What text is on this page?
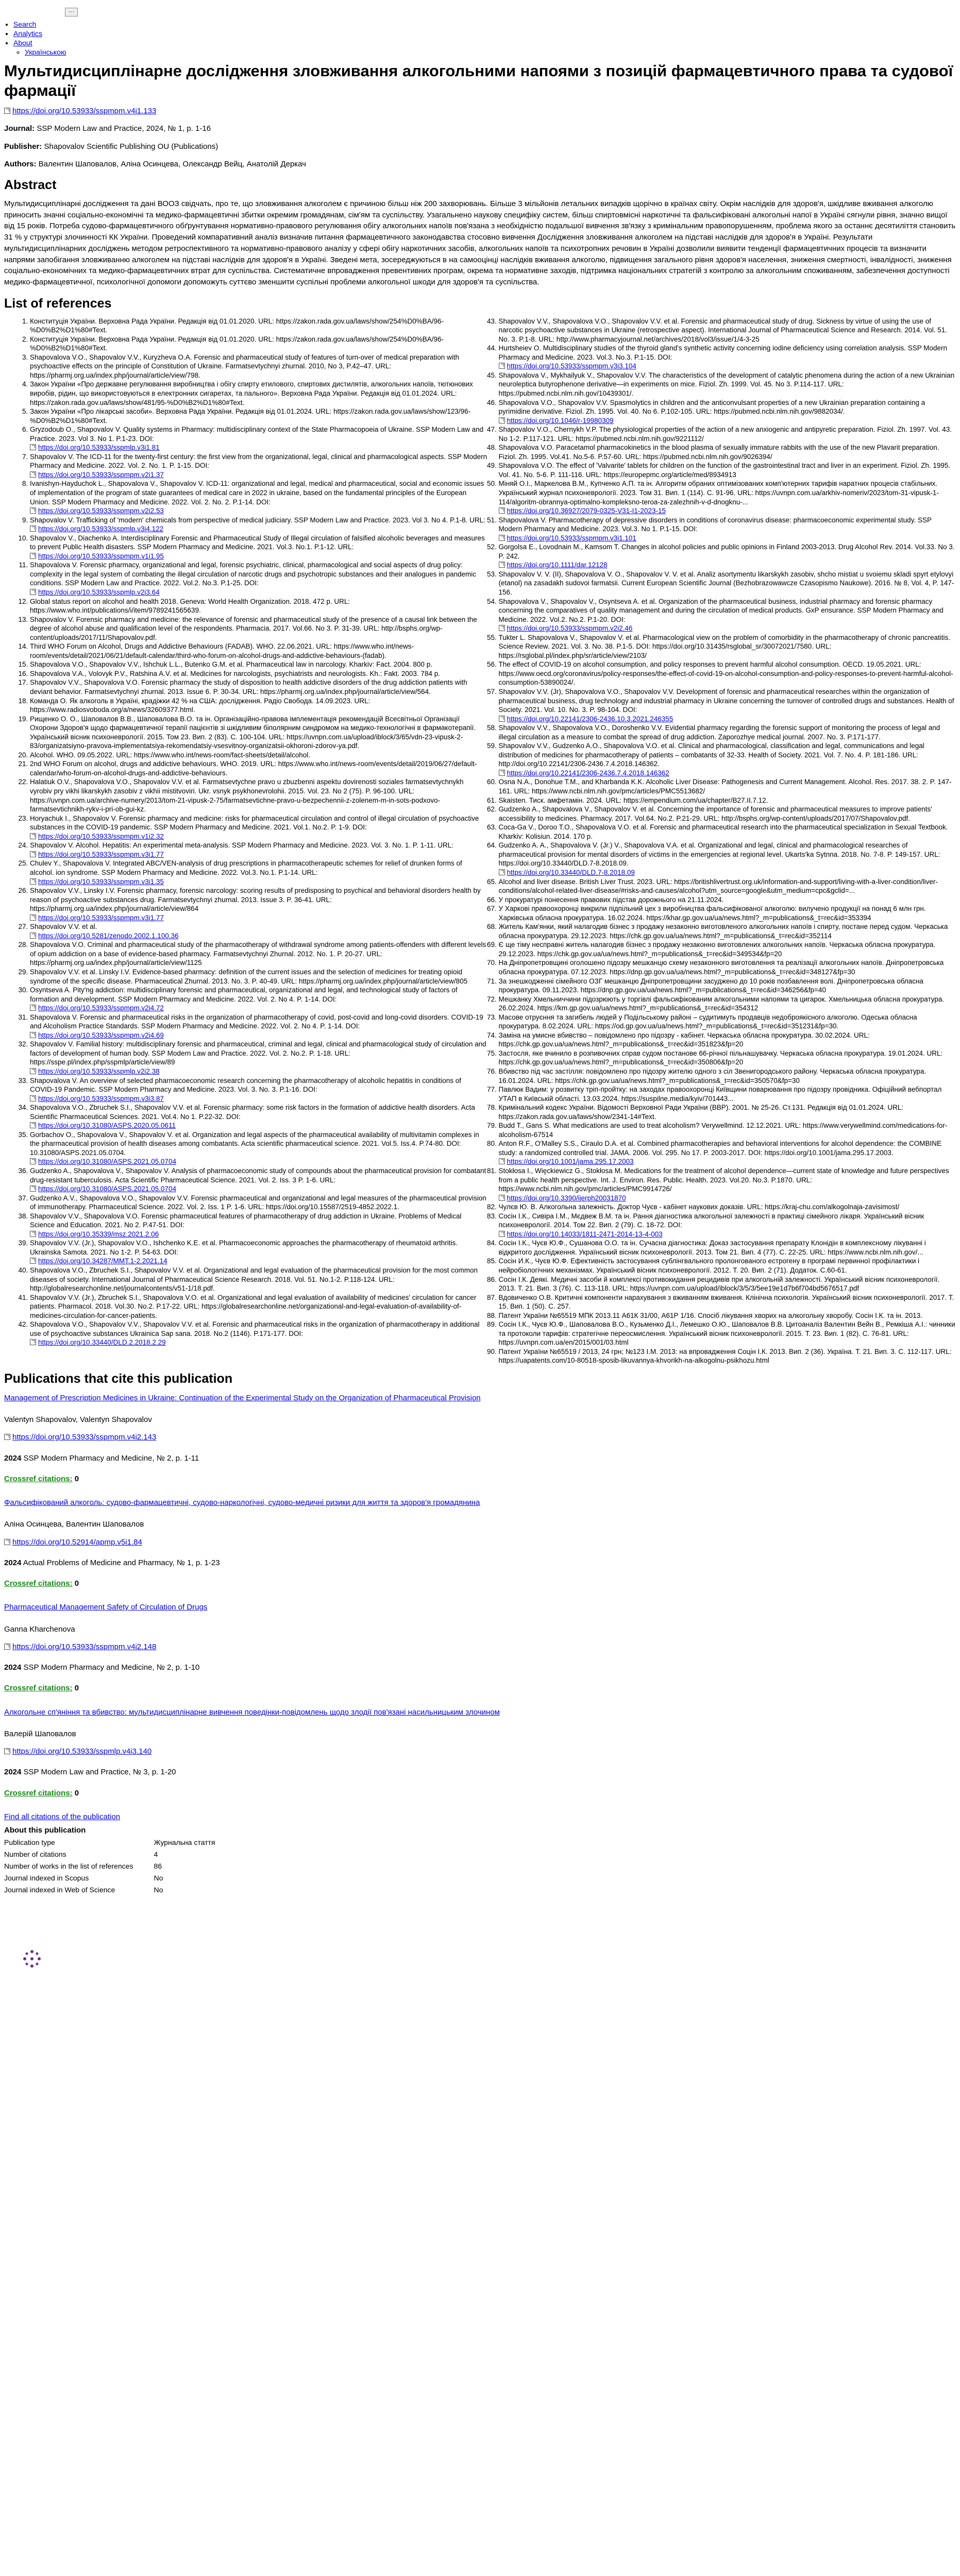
···
• Search
• Analytics
• About
◦ Українською
Мультидисциплінарне дослідження зловживання алкогольними напоями з позицій фармацевтичного права та судової фармації
https://doi.org/10.53933/sspmpm.v4i1.133
Journal: SSP Modern Law and Practice, 2024, № 1, p. 1-16
Publisher: Shapovalov Scientific Publishing OU (Publications)
Authors: Валентин Шаповалов, Аліна Осинцева, Олександр Вейц, Анатолій Деркач
Abstract

Мультидисциплінарні дослідження та дані ВООЗ свідчать, про те, що зловживання алкоголем є причиною більш ніж 200 захворювань. Більше 3 мільйонів летальних випадків щорічно в країнах світу. Окрім наслідків для здоров'я, шкідливе вживання алкоголю приносить значні соціально-економічні та медико-фармацевтичні збитки окремим громадянам, сім'ям та суспільству. Узагальнено наукову специфіку систем, більш спиртовмісні наркотичні та фальсифіковані алкогольні напої в Україні сягнули рівня, значно вищої від 15 років. Потреба судово-фармацевтичного обґрунтування нормативно-правового регулювання обігу алкогольних напоїв пов'язана з необхідністю подальшої вивчення зв'язку з кримінальним правопорушенням, проблема якого за останнє десятиліття становить 31 % у структурі злочинності КК України. Проведений компаративний аналіз визначив питання фармацевтичного законодавства стосовно вивчення Дослідження зловживання алкоголем на підставі наслідків для здоров'я в Україні. Результати мультидисциплінарних досліджень методом ретроспективного та нормативно-правового аналізу у сфері обігу наркотичних засобів, алкогольних напоїв та психотропних речовин в Україні дозволили виявити тенденції фармацевтичних процесів та визначити напрями запобігання зловживанню алкоголем на підставі наслідків для здоров'я в Україні. Зведені мета, зосереджуються в на самооцінці наслідків вживання алкоголю, підвищення загального рівня здоров'я населення, зниження смертності, інвалідності, зниження соціально-економічних та медико-фармацевтичних втрат для суспільства. Систематичне впровадження превентивних програм, окрема та нормативне заходів, підтримка національних стратегій з контролю за алкогольним споживанням, забезпечення доступності медико-фармацевтичної, психологічної допомоги допоможуть суттєво зменшити суспільні проблеми алкогольної шкоди для здоров'я та суспільства.

List of references
1. Конституція України. Верховна Рада України. Редакція від 01.01.2020. URL: https://zakon.rada.gov.ua/laws/show/254%D0%BA/96-%D0%B2%D1%80#Text.
2. Конституція України. Верховна Рада України. Редакція від 01.01.2020. URL: https://zakon.rada.gov.ua/laws/show/254%D0%BA/96-%D0%B2%D1%80#Text.
3. Shapovalova V.O., Shapovalov V.V., Kuryzheva O.A. Forensic and pharmaceutical study of features of turn-over of medical preparation with psychoactive effects on the principle of Constitution of Ukraine. Farmatsevtychnyi zhurnal. 2010, No 3, P.42–47. URL: https://pharmj.org.ua/index.php/journal/article/view/798.
4. Закон України «Про державне регулювання виробництва і обігу спирту етилового, спиртових дистилятів, алкогольних напоїв, тютюнових виробів, рідин, що використовуються в електронних сигаретах, та пального». Верховна Рада України. Редакція від 01.01.2024. URL: https://zakon.rada.gov.ua/laws/show/481/95-%D0%B2%D1%80#Text.
5. Закон України «Про лікарські засоби». Верховна Рада України. Редакція від 01.01.2024. URL: https://zakon.rada.gov.ua/laws/show/123/96-%D0%B2%D1%80#Text.
6. Gryzodoub O., Shapovalov V. Quality systems in Pharmacy: multidisciplinary context of the State Pharmacopoeia of Ukraine. SSP Modern Law and Practice. 2023. Vol 3. No 1. P.1-23. DOI:
https://doi.org/10.53933/sspmlp.v3i1.81
7. Shapovalov V. The ICD-11 for the twenty-first century: the first view from the organizational, legal, clinical and pharmacological aspects. SSP Modern Pharmacy and Medicine. 2022. Vol. 2. No. 1. P. 1-15. DOI:
https://doi.org/10.53933/sspmpm.v2i1.37
8. Ivanishyn-Hayduchok L., Shapovalova V., Shapovalov V. ICD-11: organizational and legal, medical and pharmaceutical, social and economic issues of implementation of the program of state guarantees of medical care in 2022 in ukraine, based on the fundamental principles of the European Union. SSP Modern Pharmacy and Medicine. 2022. Vol. 2. No. 2. P.1-14. DOI:
https://doi.org/10.53933/sspmpm.v2i2.53
9. Shapovalov V. Trafficking of 'modern' chemicals from perspective of medical judiciary. SSP Modern Law and Practice. 2023. Vol 3. No 4. P.1-8. URL:
https://doi.org/10.53933/sspmlp.v3i4.122
10. Shapovalov V., Diachenko A. Interdisciplinary Forensic and Pharmaceutical Study of Illegal circulation of falsified alcoholic beverages and measures to prevent Public Health disasters. SSP Modern Pharmacy and Medicine. 2021. Vol.3. No.1. P.1-12. URL:
https://doi.org/10.53933/sspmpm.v1i1.95
11. Shapovalova V. Forensic pharmacy, organizational and legal, forensic psychiatric, clinical, pharmacological and social aspects of drug policy: complexity in the legal system of combating the illegal circulation of narcotic drugs and psychotropic substances and their analogues in pandemic conditions. SSP Modern Law and Practice. 2022. Vol.2. No.3. P.1-25. DOI:
https://doi.org/10.53933/sspmlp.v2i3.64
12. Global status report on alcohol and health 2018. Geneva: World Health Organization. 2018. 472 p. URL: https://www.who.int/publications/i/item/9789241565639.
13. Shapovalov V. Forensic pharmacy and medicine: the relevance of forensic and pharmaceutical study of the presence of a causal link between the degree of alcohol abuse and qualification level of the respondents. Pharmacia. 2017. Vol.66. No 3. P. 31-39. URL: http://bsphs.org/wp-content/uploads/2017/11/Shapovalov.pdf.
14. Third WHO Forum on Alcohol, Drugs and Addictive Behaviours (FADAB). WHO. 22.06.2021. URL: https://www.who.int/news-room/events/detail/2021/06/21/default-calendar/third-who-forum-on-alcohol-drugs-and-addictive-behaviours-(fadab).
15. Shapovalova V.O., Shapovalov V.V., Ishchuk L.L., Butenko G.M. et al. Pharmaceutical law in narcology. Kharkiv: Fact. 2004. 800 p.
16. Shapovalova V.A., Volovyk P.V., Ratshina A.V. et al. Medicines for narcologists, psychiatrists and neurologists. Kh.: Fakt. 2003. 784 p.
17. Shapovalov V.V., Shapovalova V.O. Forensic pharmacy the study of disposition to health addictive disorders of the drug addiction patients with deviant behavior. Farmatsevtychnyi zhurnal. 2013. Issue 6. P. 30-34. URL: https://pharmj.org.ua/index.php/journal/article/view/564.
18. Команда О. Як алкоголь в Україні, крадіжки 42 % на США: дослідження. Радіо Свобода. 14.09.2023. URL: https://www.radiosvoboda.org/a/news/32609377.html.
19. Рищенко О. О., Шаповалов В.В., Шаповалова В.О. та ін. Організаційно-правова імплементація рекомендацій Всесвітньої Організації Охорони Здоров'я щодо фармацевтичної терапії пацієнтів зі шкідливим біполярним синдромом на медико-технологічні в фармакотерапії. Український вісник психоневрології. 2015. Том 23. Вип. 2 (83). С. 100-104. URL: https://uvnpn.com.ua/upload/iblock/3/65/vdn-23-vipusk-2-83/organizatsiyno-pravova-implementatsiya-rekomendatsiy-vsesvitnoy-organizatsii-okhoroni-zdorov-ya.pdf.
20. Alcohol. WHO. 09.05.2022. URL: https://www.who.int/news-room/fact-sheets/detail/alcohol.
21. 2nd WHO Forum on alcohol, drugs and addictive behaviours. WHO. 2019. URL: https://www.who.int/news-room/events/detail/2019/06/27/default-calendar/who-forum-on-alcohol-drugs-and-addictive-behaviours.
22. Halatiuk O.V., Shapovalova V.O., Shapovalov V.V. et al. Farmatsevtychne pravo u zbuzbenni aspektu dovirenosti soziales farmatsevtychnykh vyrobiv pry vikhi likarskykh zasobiv z vikhii mistitvoviri. Ukr. vsnyk psykhonevrolohii. 2015. Vol. 23. No 2 (75). P. 96-100. URL: https://uvnpn.com.ua/archive-numery/2013/tom-21-vipusk-2-75/farmatsevtichne-pravo-u-bezpechennii-z-zolenem-m-in-sots-podxovo-farmatsevtichnikh-rykv-i-pri-ob-gui-kz.
23. Horyachuk I., Shapovalov V. Forensic pharmacy and medicine: risks for pharmaceutical circulation and control of illegal circulation of psychoactive substances in the COVID-19 pandemic. SSP Modern Pharmacy and Medicine. 2021. Vol.1. No.2. P. 1-9. DOI:
https://doi.org/10.53933/sspmpm.v1i2.32
24. Shapovalov V. Alcohol. Hepatitis: An experimental meta-analysis. SSP Modern Pharmacy and Medicine. 2023. Vol. 3. No. 1. P. 1-11. URL:
https://doi.org/10.53933/sspmpm.v3i1.77
25. Chulev Y., Shapovalova V. Integrated ABC/VEN-analysis of drug prescriptions in pharmacotherapeutic schemes for relief of drunken forms of alcohol. ion syndrome. SSP Modern Pharmacy and Medicine. 2022. Vol.3. No.1. P.1-14. URL:
https://doi.org/10.53933/sspmpm.v3i1.35
26. Shapovalov V.V., Linsky I.V. Forensic pharmacy, forensic narcology: scoring results of predisposing to psychical and behavioral disorders health by reason of psychoactive substances drug. Farmatsevtychnyi zhurnal. 2013. Issue 3. P. 36-41. URL: https://pharmj.org.ua/index.php/journal/article/view/864
https://doi.org/10.53933/sspmpm.v3i1.77
27. Shapovalov V.V. et al.
https://doi.org/10.5281/zenodo.2002.1.100.36
28. Shapovalova V.O. Criminal and pharmaceutical study of the pharmacotherapy of withdrawal syndrome among patients-offenders with different levels of opium addiction on a base of evidence-based pharmacy. Farmatsevtychnyi Zhurnal. 2012. No. 1. P. 20-27. URL: https://pharmj.org.ua/index.php/journal/article/view/1125
29. Shapovalov V.V. et al. Linsky I.V. Evidence-based pharmacy: definition of the current issues and the selection of medicines for treating opioid syndrome of the specific disease. Pharmaceutical Zhurnal. 2013. No. 3. P. 40-49. URL: https://pharmj.org.ua/index.php/journal/article/view/805
30. Osyntseva A. Pity'ng addiction: multidisciplinary forensic and pharmaceutical, organizational and legal, and technological study of factors of formation and development. SSP Modern Pharmacy and Medicine. 2022. Vol. 2. No 4. P. 1-14. DOI:
https://doi.org/10.53933/sspmpm.v2i4.72
31. Shapovalova V. Forensic and pharmaceutical risks in the organization of pharmacotherapy of covid, post-covid and long-covid disorders. COVID-19 and Alcoholism Practice Standards. SSP Modern Pharmacy and Medicine. 2022. Vol. 2. No 4. P. 1-14. DOI:
https://doi.org/10.53933/sspmpm.v2i4.69
32. Shapovalov V. Familial history: multidisciplinary forensic and pharmaceutical, criminal and legal, clinical and pharmacological study of circulation and factors of development of human body. SSP Modern Law and Practice. 2022. Vol. 2. No.2. P. 1-18. URL: https://sspe.pl/index.php/sspmlp/article/view/89
https://doi.org/10.53933/sspmlp.v2i2.38
33. Shapovalova V. An overview of selected pharmacoeconomic research concerning the pharmacotherapy of alcoholic hepatitis in conditions of COVID-19 Pandemic. SSP Modern Pharmacy and Medicine. 2023. Vol. 3. No. 3. P.1-16. DOI:
https://doi.org/10.53933/sspmpm.v3i3.87
34. Shapovalova V.O., Zbruchek S.I., Shapovalov V.V. et al. Forensic pharmacy: some risk factors in the formation of addictive health disorders. Acta Scientific Pharmaceutical Sciences. 2021. Vol.4. No 1. P.22-32. DOI:
https://doi.org/10.31080/ASPS.2020.05.0611
35. Gorbachov O., Shapovalova V., Shapovalov V. et al. Organization and legal aspects of the pharmaceutical availability of multivitamin complexes in the pharmaceutical provision of health diseases among combatants. Acta scientific pharmaceutical science. 2021. Vol.5. Iss.4. P.74-80. DOI: 10.31080/ASPS.2021.05.0704.
https://doi.org/10.31080/ASPS.2021.05.0704
36. Gudzenko A., Shapovalova V., Shapovalov V. Analysis of pharmacoeconomic study of compounds about the pharmaceutical provision for combatant drug-resistant tuberculosis. Acta Scientific Pharmaceutical Science. 2021. Vol. 2. Iss. 3 P. 1-6. URL:
https://doi.org/10.31080/ASPS.2021.05.0704
37. Gudzenko A.V., Shapovalova V.O., Shapovalov V.V. Forensic pharmaceutical and organizational and legal measures of the pharmaceutical provision of immunotherapy. Pharmaceutical Science. 2022. Vol. 2. Iss. 1 P. 1-6. URL: https://doi.org/10.15587/2519-4852.2022.1.
38. Shapovalov V.V., Shapovalova V.O. Forensic pharmaceutical features of pharmacotherapy of drug addiction in Ukraine. Problems of Medical Science and Education. 2021. No 2. P.47-51. DOI:
https://doi.org/10.35339/msz.2021.2.06
39. Shapovalov V.V. (Jr.), Shapovalov V.O., Ishchenko K.E. et al. Pharmacoeconomic approaches the pharmacotherapy of rheumatoid arthritis. Ukrainska Samotа. 2021. No 1-2. P. 54-63. DOI:
https://doi.org/10.34287/MMT.1-2.2021.14
40. Shapovalova V.O., Zbruchek S.I., Shapovalov V.V. et al. Organizational and legal evaluation of the pharmaceutical provision for the most common diseases of society. International Journal of Pharmaceutical Science Research. 2018. Vol. 51. No.1-2. P.118-124. URL: http://globalresearchonline.net/journalcontents/v51-1/18.pdf.
41. Shapovalov V.V. (Jr.), Zbruchek S.I., Shapovalova V.O. et al. Organizational and legal evaluation of availability of medicines' circulation for cancer patients. Pharmacol. 2018. Vol.30. No.2. P.17-22. URL: https://globalresearchonline.net/organizational-and-legal-evaluation-of-availability-of-medicines-circulation-for-cancer-patients.
42. Shapovalova V.O., Shapovalov V.V., Shapovalov V.V. et al. Forensic and pharmaceutical risks in the organization of pharmacotherapy in additional use of psychoactive substances Ukrainica Sap sana. 2018. No.2 (1146). P.171-177. DOI:
https://doi.org/10.33440/DLD.2.2018.2.29
43. Shapovalov V.V., Shapovalova V.O., Shapovalov V.V. et al. Forensic and pharmaceutical study of drug. Sickness by virtue of using the use of narcotic psychoactive substances in Ukraine (retrospective aspect). International Journal of Pharmaceutical Science and Research. 2014. Vol. 51. No. 3. P.1-8. URL: http://www.pharmacyjournal.net/archives/2018/vol3/issue/1/4-3-25
44. Hurtsheiev O. Multidisciplinary studies of the thyroid gland's synthetic activity concerning iodine deficiency using correlation analysis. SSP Modern Pharmacy and Medicine. 2023. Vol.3. No.3. P.1-15. DOI:
https://doi.org/10.53933/sspmpm.v3i3.104
45. Shapovalova V., Mykhailyuk V., Shapovalov V.V. The characteristics of the development of catalytic phenomena during the action of a new Ukrainian neuroleptica butyrophenone derivative—in experiments on mice. Fiziol. Zh. 1999. Vol. 45. No 3. P.114-117. URL: https://pubmed.ncbi.nlm.nih.gov/10439301/.
46. Shapovalova V.O., Shapovalov V.V. Spasmolytics in children and the anticonvulsant properties of a new Ukrainian preparation containing a pyrimidine derivative. Fiziol. Zh. 1995. Vol. 40. No 6. P.102-105. URL: https://pubmed.ncbi.nlm.nih.gov/9882034/.
https://doi.org/10.1046/r-19980309
47. Shapovalov V.O., Chernykh V.P. The physiological properties of the action of a new anxiogenic and antipyretic preparation. Fiziol. Zh. 1997. Vol. 43. No 1-2. P.117-121. URL: https://pubmed.ncbi.nlm.nih.gov/9221112/
48. Shapovalova V.O. Paracetamol pharmacokinetics in the blood plasma of sexually immature rabbits with the use of the new Plavarit preparation. Fiziol. Zh. 1995. Vol.41. No.5-6. P.57-60. URL: https://pubmed.ncbi.nlm.nih.gov/9026394/
49. Shapovalova V.O. The effect of 'Valvarite' tablets for children on the function of the gastrointestinal tract and liver in an experiment. Fiziol. Zh. 1995. Vol. 41. No. 5-6. P. 111-116. URL: https://europepmc.org/article/med/8934913
50. Міняй О.І., Маркелова В.М., Купченко А.П. та ін. Алгоритм обраних оптимізованих комп'ютерних тарифів наратних процесів стабільних. Український журнал психоневрології. 2023. Том 31. Вип. 1 (114). С. 91-96. URL: https://uvnpn.com.ua/arkhiv-nomeriv/2023/tom-31-vipusk-1-114/algoritm-obrannya-optimalno-kompleksno-teroa-za-zalezhnih-v-d-dnogknu-...
https://doi.org/10.36927/2079-0325-V31-I1-2023-15
51. Shapovalova V. Pharmacotherapy of depressive disorders in conditions of coronavirus disease: pharmacoeconomic experimental study. SSP Modern Pharmacy and Medicine. 2023. Vol.3. No 1. P.1-15. DOI:
https://doi.org/10.53933/sspmpm.v3i1.101
52. Gorgolsa E., Lovodnain M., Kamsom T. Changes in alcohol policies and public opinions in Finland 2003-2013. Drug Alcohol Rev. 2014. Vol.33. No 3. P. 242.
https://doi.org/10.1111/dar.12128
53. Shapovalov V. V. (II), Shapovalova V. O., Shapovalov V. V. et al. Analiz asortymentu likarskykh zasobiv, shcho mistiat u svoiemu skladi spyrt etylovyi (etanol) na zasadakh sudovoi farmatsii. Current European Scientific Journal (Bezhobrazowawcze Czasopismo Naukowe). 2016. № 8, Vol. 4, P. 147-156.
54. Shapovalova V., Shapovalov V., Osyntseva A. et al. Organization of the pharmaceutical business, industrial pharmacy and forensic pharmacy concerning the comparatives of quality management and during the circulation of medical products. GxP ensurance. SSP Modern Pharmacy and Medicine. 2022. Vol.2. No.2. P.1-20. DOI:
https://doi.org/10.53933/sspmpm.v2i2.46
55. Tukter L. Shapovalova V., Shapovalov V. et al. Pharmacological view on the problem of comorbidity in the pharmacotherapy of chronic pancreatitis. Science Review. 2021. Vol. 3. No. 38. P.1-5. DOI: https://doi.org/10.31435/rsglobal_sr/30072021/7580. URL: https://rsglobal.pl/index.php/sr/article/view/2103/
56. The effect of COVID-19 on alcohol consumption, and policy responses to prevent harmful alcohol consumption. OECD. 19.05.2021. URL: https://www.oecd.org/coronavirus/policy-responses/the-effect-of-covid-19-on-alcohol-consumption-and-policy-responses-to-prevent-harmful-alcohol-consumption-53890024/.
57. Shapovalov V.V. (Jr), Shapovalova V.O., Shapovalov V.V. Development of forensic and pharmaceutical researches within the organization of pharmaceutical business, drug technology and industrial pharmacy in Ukraine concerning the turnover of controlled drugs and substances. Health of Society. 2021. Vol. 10. No. 3. P. 98-104. DOI:
https://doi.org/10.22141/2306-2436.10.3.2021.246355
58. Shapovalov V.V., Shapovalova V.O., Doroshenko V.V. Evidential pharmacy regarding the forensic support of monitoring the process of legal and illegal circulation as a measure to combat the spread of drug addiction. Zaporozhye medical journal. 2007. No. 3. P.171-177.
59. Shapovalov V.V., Gudzenko A.O., Shapovalova V.O. et al. Clinical and pharmacological, classification and legal, communications and legal distribution of medicines for pharmacotherapy of patients – combatants of 32-33. Health of Society. 2021. Vol. 7. No. 4. P. 181-186. URL: http://doi.org/10.22141/2306-2436.7.4.2018.146362.
https://doi.org/10.22141/2306-2436.7.4.2018.146362
60. Osna N.A., Donohue T.M., and Kharbanda K.K. Alcoholic Liver Disease: Pathogenesis and Current Management. Alcohol. Res. 2017. 38. 2. P. 147-161. URL: https://www.ncbi.nlm.nih.gov/pmc/articles/PMC5513682/
61. Skaisten. Тиск. амфетамін. 2024. URL: https://empendium.com/ua/chapter/B27.II.7.12.
62. Gudzenko A., Shapovalova V., Shapovalov V. et al. Concerning the importance of forensic and pharmaceutical measures to improve patients' accessibility to medicines. Pharmacy. 2017. Vol.64. No.2. P.21-29. URL: http://bsphs.org/wp-content/uploads/2017/07/Shapovalov.pdf.
63. Coca-Ga V., Doroo T.O., Shapovalova V.O. et al. Forensic and pharmaceutical research into the pharmaceutical specialization in Sexual Textbook. Kharkiv: Kolisiun. 2014. 170 p.
64. Gudzenko A. A., Shapovalova V. (Jr.) V., Shapovalova V.A. et al. Organizational and legal, clinical and pharmacological researches of pharmaceutical provision for mental disorders of victims in the emergencies at regional level. Ukarts'ka Sytnna. 2018. No. 7-8. P. 149-157. URL: https://doi.org/10.33440/DLD.7-8.2018.09.
https://doi.org/10.33440/DLD.7-8.2018.09
65. Alcohol and liver disease. British Liver Trust. 2023. URL: https://britishlivertrust.org.uk/information-and-support/living-with-a-liver-condition/liver-conditions/alcohol-related-liver-disease/#risks-and-causes/alcohol?utm_source=google&utm_medium=cpc&gclid=...
66. У прокуратурі понесення правових підстав дорожнього на 21.11.2024.
67. У Харкові правоохоронці викрили підпільний цех з виробництва фальсифікованої алкоголю: вилучено продукції на понад 6 млн грн. Харківська обласна прокуратура. 16.02.2024. https://khar.gp.gov.ua/ua/news.html?_m=publications&_t=rec&id=353394
68. Житель Кам'янки, який налагодив бізнес з продажу незаконно виготовленого алкогольних напоїв і спирту, постане перед судом. Черкаська обласна прокуратура. 29.12.2023. https://chk.gp.gov.ua/ua/news.html?_m=publications&_t=rec&id=352114
69. Є ще тіму несправні житель налагодив бізнес з продажу незаконно виготовлених алкогольних напоїв. Черкаська обласна прокуратура. 29.12.2023. https://chk.gp.gov.ua/ua/news.html?_m=publications&_t=rec&id=349534&fp=20
70. На Дніпропетровщині оголошено підозру мешканцю схему незаконного виготовлення та реалізації алкогольних напоїв. Дніпропетровська обласна прокуратура. 07.12.2023. https://dnp.gp.gov.ua/ua/news.html?_m=publications&_t=rec&id=348127&fp=30
71. За знешкодженні сімейного ОЗГ мешканцю Дніпропетровщини засуджено до 10 років позбавлення волі. Дніпропетровська обласна прокуратура. 09.11.2023. https://dnp.gp.gov.ua/ua/news.html?_m=publications&_t=rec&id=346256&fp=40
72. Мешканку Хмельниччини підозрюють у торгівлі фальсифікованим алкогольними напоями та цигарок. Хмельницька обласна прокуратура. 26.02.2024. https://km.gp.gov.ua/ua/news.html?_m=publications&_t=rec&id=354312
73. Масове отруєння та загибель людей у Подільському районі – судитимуть продавців недоброякісного алкоголю. Одеська обласна прокуратура. 8.02.2024. URL: https://od.gp.gov.ua/ua/news.html?_m=publications&_t=rec&id=351231&fp=30.
74. Заміна на умисне вбивство – повідомлено про підозру - кабінет. Черкаська обласна прокуратура. 30.02.2024. URL: https://chk.gp.gov.ua/ua/news.html?_m=publications&_t=rec&id=351823&fp=20
75. Застосля, яке вчинило в розпивочних справ судом постанове 66-річної пільнашувачку. Черкаська обласна прокуратура. 19.01.2024. URL: https://chk.gp.gov.ua/ua/news.html?_m=publications&_t=rec&id=350806&fp=20
76. Вбивство під час застілля: повідомлено про підозру жителю одного з сіл Звенигородського району. Черкаська обласна прокуратура. 16.01.2024. URL: https://chk.gp.gov.ua/ua/news.html?_m=publications&_t=rec&id=350570&fp=30
77. Павлюк Вадим: у розвитку тріп-пройтку: на заходах правоохоронці Київщини поварювання про підозру провідника. Офіційний вебпортал УТАП в Київській області. 13.03.2024. https://suspilne.media/kyiv/701443...
78. Кримінальний кодекс України. Відомості Верховної Ради України (ВВР). 2001. № 25-26. Ст.131. Редакція від 01.01.2024. URL: https://zakon.rada.gov.ua/laws/show/2341-14#Text.
79. Budd T., Gans S. What medications are used to treat alcoholism? Verywellmind. 12.12.2021. URL: https://www.verywellmind.com/medications-for-alcoholism-67514
80. Anton R.F., O'Malley S.S., Ciraulo D.A. et al. Combined pharmacotherapies and behavioral interventions for alcohol dependence: the COMBINE study: a randomized controlled trial. JAMA. 2006. Vol. 295. No 17. P. 2003-2017. DOI: https://doi.org/10.1001/jama.295.17.2003.
https://doi.org/10.1001/jama.295.17.2003
81. Stokłosa I., Więckiewicz G., Stokłosa M. Medications for the treatment of alcohol dependence—current state of knowledge and future perspectives from a public health perspective. Int. J. Environ. Res. Public. Health. 2023. Vol.20. No.3. P.1870. URL: https://www.ncbi.nlm.nih.gov/pmc/articles/PMC9914726/
https://doi.org/10.3390/ijerph20031870
82. Чулєв Ю. В. Алкогольна залежність. Доктор Чуєв - кабінет наукових доказів. URL: https://kraj-chu.com/alkogolnaja-zavisimost/
83. Сосін І.К., Сивіра І.М., Мєдвеж В.М. та ін. Рання діагностика алкогольної залежності в практиці сімейного лікаря. Український вісник психоневрології. 2014. Том 22. Вип. 2 (79). С. 18-72. DOI:
https://doi.org/10.14033/1811-2471-2014-13-4-003
84. Сосін І.К., Чуєв Ю.Ф., Сушанова О.О. та ін. Сучасна діагностика: Доказ застосування препарату Клонідін в комплексному лікуванні і відкритого дослідження. Український вісник психоневрології. 2013. Том 21. Вип. 4 (77). С. 22-25. URL: https://www.ncbi.nlm.nih.gov/...
85. Сосін И.К., Чуєв Ю.Ф. Ефективність застосування сублінгвального пролонгованого естрогену в програмі первинної профілактики і нейробіологічних механізмах. Український вісник психоневрології. 2012. Т. 20. Вип. 2 (71). Додаток. С.60-61.
86. Сосін І.К. Деякі. Медичні засоби й комплексі противокидання рецидивів при алкогольній залежності. Український вісник психоневрології. 2013. Т. 21. Вип. 3 (76). С. 113-118. URL: https://uvnpn.com.ua/upload/iblock/3/5/3/5ee19e1d7b6f704bd5676517.pdf
87. Вдовиченко О.В. Критичні компоненти нарахування з вживанням вживання. Клінічна психологія. Український вісник психоневрології. 2017. Т. 15. Вип. 1 (50). С. 257.
88. Патент України №65519 МПК 2013.11 А61К 31/00, А61Р 1/16. Спосіб лікування хворих на алкогольну хворобу. Сосін І.К. та ін. 2013.
89. Сосін І.К., Чуєв Ю.Ф., Шаповалова В.О., Кузьменко Д.І., Лемешко О.Ю., Шаповалов В.В. Цитоаналіз Валентин Вейн В., Ремкіша А.І.: чинники та протоколи тарифів: стратегічне переосмислення. Український вісник психоневрології. 2015. Т. 23. Вип. 1 (82). С. 76-81. URL: https://uvnpn.com.ua/en/2015/001/03.html
90. Патент України №65519 / 2013, 24 грн; №123 І.М. 2013: на впровадження Соцін І.К. 2013. Вип. 2 (36). Україна. Т. 21. Вип. 3. С. 112-117. URL: https://uapatents.com/10-80518-sposib-likuvannya-khvorikh-na-alkogolnu-psikhozu.html
Publications that cite this publication
Management of Prescription Medicines in Ukraine: Continuation of the Experimental Study on the Organization of Pharmaceutical Provision
Valentyn Shapovalov, Valentyn Shapovalov
https://doi.org/10.53933/sspmpm.v4i2.143
2024 SSP Modern Pharmacy and Medicine, № 2, p. 1-11
Crossref citations: 0
Фальсифікований алкоголь: судово-фармацевтичні, судово-наркологічні, судово-медичні ризики для життя та здоров'я громадянина
Аліна Осинцева, Валентин Шаповалов
https://doi.org/10.52914/apmp.v5i1.84
2024 Actual Problems of Medicine and Pharmacy, № 1, p. 1-23
Crossref citations: 0
Pharmaceutical Management Safety of Circulation of Drugs
Ganna Kharchenova
https://doi.org/10.53933/sspmpm.v4i2.148
2024 SSP Modern Pharmacy and Medicine, № 2, p. 1-10
Crossref citations: 0
Алкогольне сп'яніння та вбивство: мультидисциплінарне вивчення поведінки-повідомлень щодо злодії пов'язані насильницьким злочином
Валерій Шаповалов
https://doi.org/10.53933/sspmlp.v4i3.140
2024 SSP Modern Law and Practice, № 3, p. 1-20
Crossref citations: 0
Find all citations of the publication
About this publication
Publication type	Журнальна стаття
Number of citations	4
Number of works in the list of references	86
Journal indexed in Scopus	No
Journal indexed in Web of Science	No
